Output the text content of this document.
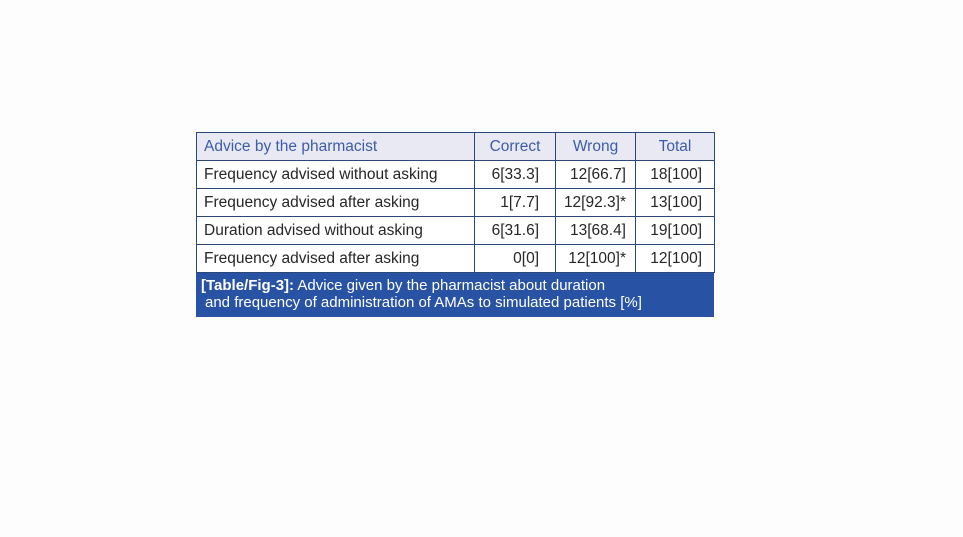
Advice by the pharmacist	Correct	Wrong	Total
Frequency advised without asking	6[33.3]	12[66.7]	18[100]
Frequency advised after asking	1[7.7]	12[92.3]*	13[100]
Duration advised without asking	6[31.6]	13[68.4]	19[100]
Frequency advised after asking	0[0]	12[100]*	12[100]
[Table/Fig-3]: Advice given by the pharmacist about duration
and frequency of administration of AMAs to simulated patients [%]
